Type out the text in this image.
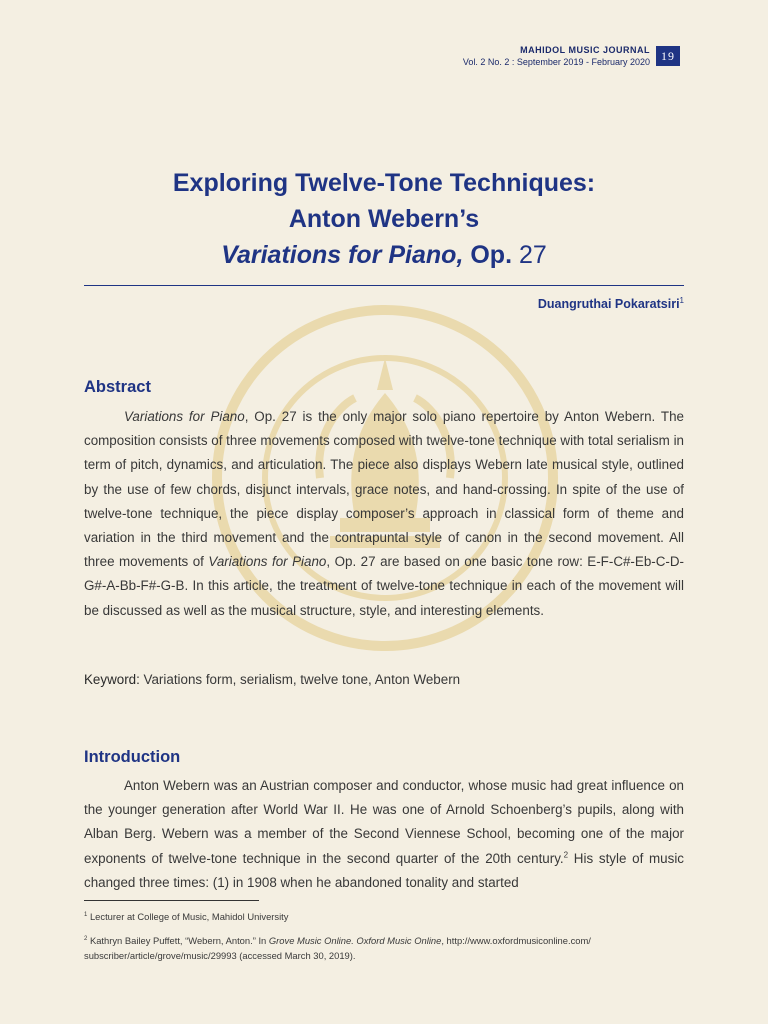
MAHIDOL MUSIC JOURNAL
Vol. 2 No. 2 : September 2019 - February 2020 19
Exploring Twelve-Tone Techniques:
Anton Webern’s
Variations for Piano, Op. 27
Duangruthai Pokaratsiri$^1$
Abstract

Variations for Piano, Op. 27 is the only major solo piano repertoire by Anton Webern. The composition consists of three movements composed with twelve-tone technique with total serialism in term of pitch, dynamics, and articulation. The piece also displays Webern late musical style, outlined by the use of few chords, disjunct intervals, grace notes, and hand-crossing. In spite of the use of twelve-tone technique, the piece display composer’s approach in classical form of theme and variation in the third movement and the contrapuntal style of canon in the second movement. All three movements of Variations for Piano, Op. 27 are based on one basic tone row: E-F-C#-Eb-C-D-G#-A-Bb-F#-G-B. In this article, the treatment of twelve-tone technique in each of the movement will be discussed as well as the musical structure, style, and interesting elements.

Keyword: Variations form, serialism, twelve tone, Anton Webern
Introduction

Anton Webern was an Austrian composer and conductor, whose music had great influence on the younger generation after World War II. He was one of Arnold Schoenberg’s pupils, along with Alban Berg. Webern was a member of the Second Viennese School, becoming one of the major exponents of twelve-tone technique in the second quarter of the 20th century.$^2$ His style of music changed three times: (1) in 1908 when he abandoned tonality and started

$^1$ Lecturer at College of Music, Mahidol University
$^2$ Kathryn Bailey Puffett, “Webern, Anton.” In Grove Music Online. Oxford Music Online, http://www.oxfordmusiconline.com/ subscriber/article/grove/music/29993 (accessed March 30, 2019).
